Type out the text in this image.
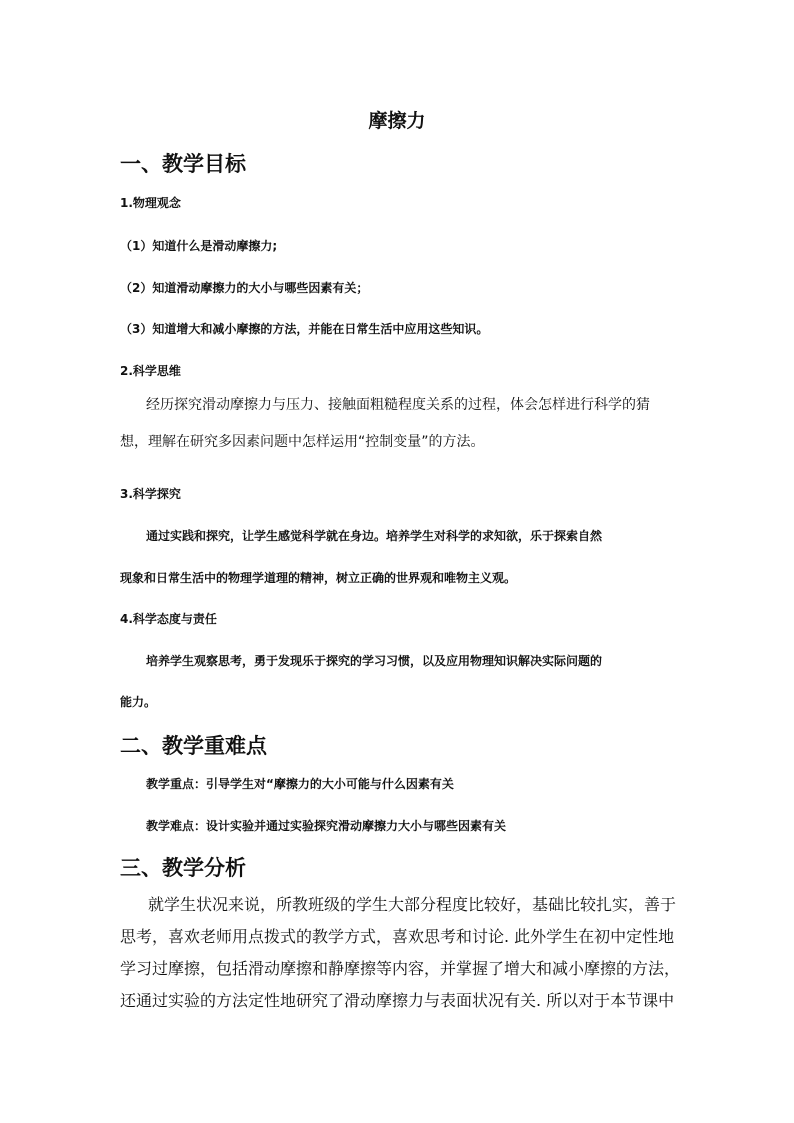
摩擦力
一、教学目标
1.物理观念
（1）知道什么是滑动摩擦力;
（2）知道滑动摩擦力的大小与哪些因素有关；
（3）知道增大和减小摩擦的方法，并能在日常生活中应用这些知识。
2.科学思维
经历探究滑动摩擦力与压力、接触面粗糙程度关系的过程，体会怎样进行科学的猜
想，理解在研究多因素问题中怎样运用“控制变量”的方法。
3.科学探究
通过实践和探究，让学生感觉科学就在身边。培养学生对科学的求知欲，乐于探索自然
现象和日常生活中的物理学道理的精神，树立正确的世界观和唯物主义观。
4.科学态度与责任
培养学生观察思考，勇于发现乐于探究的学习习惯，以及应用物理知识解决实际问题的
能力。
二、教学重难点
教学重点：引导学生对“摩擦力的大小可能与什么因素有关
教学难点：设计实验并通过实验探究滑动摩擦力大小与哪些因素有关
三、教学分析
就学生状况来说，所教班级的学生大部分程度比较好，基础比较扎实，善于
思考，喜欢老师用点拨式的教学方式，喜欢思考和讨论. 此外学生在初中定性地
学习过摩擦，包括滑动摩擦和静摩擦等内容，并掌握了增大和减小摩擦的方法，
还通过实验的方法定性地研究了滑动摩擦力与表面状况有关. 所以对于本节课中
